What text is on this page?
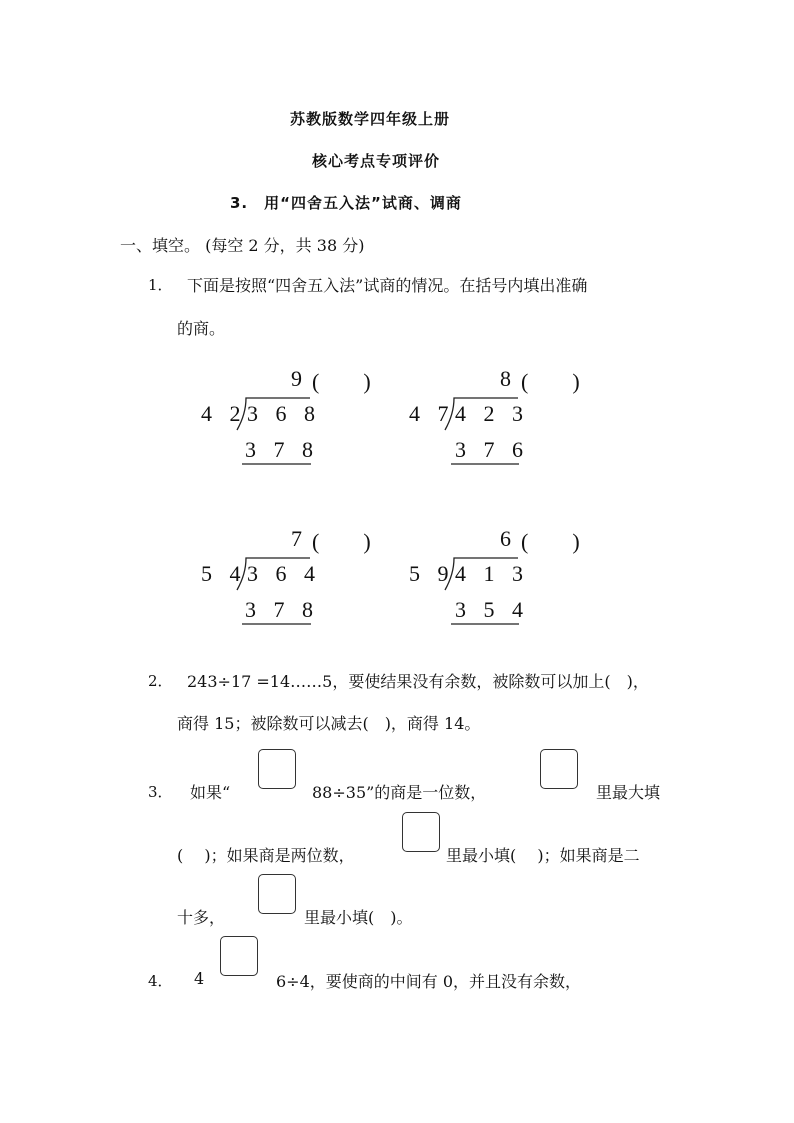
苏教版数学四年级上册
核心考点专项评价
3.　用“四舍五入法”试商、调商
一、填空。 (每空 2 分，共 38 分)
1． 下面是按照“四舍五入法”试商的情况。在括号内填出准确
的商。
9 (　　)
4 2 3 6 8
3 7 8
8 (　　)
4 7 4 2 3
3 7 6
7 (　　)
5 4 3 6 4
3 7 8
6 (　　)
5 9 4 1 3
3 5 4
2． 243÷17 =14……5，要使结果没有余数，被除数可以加上(　)，
商得 15；被除数可以减去(　)，商得 14。
3． 如果“	88÷35”的商是一位数，	里最大填
(　 )；如果商是两位数，	里最小填(　 )；如果商是二
十多，	里最小填(　)。
4． 4	6÷4，要使商的中间有 0，并且没有余数，
